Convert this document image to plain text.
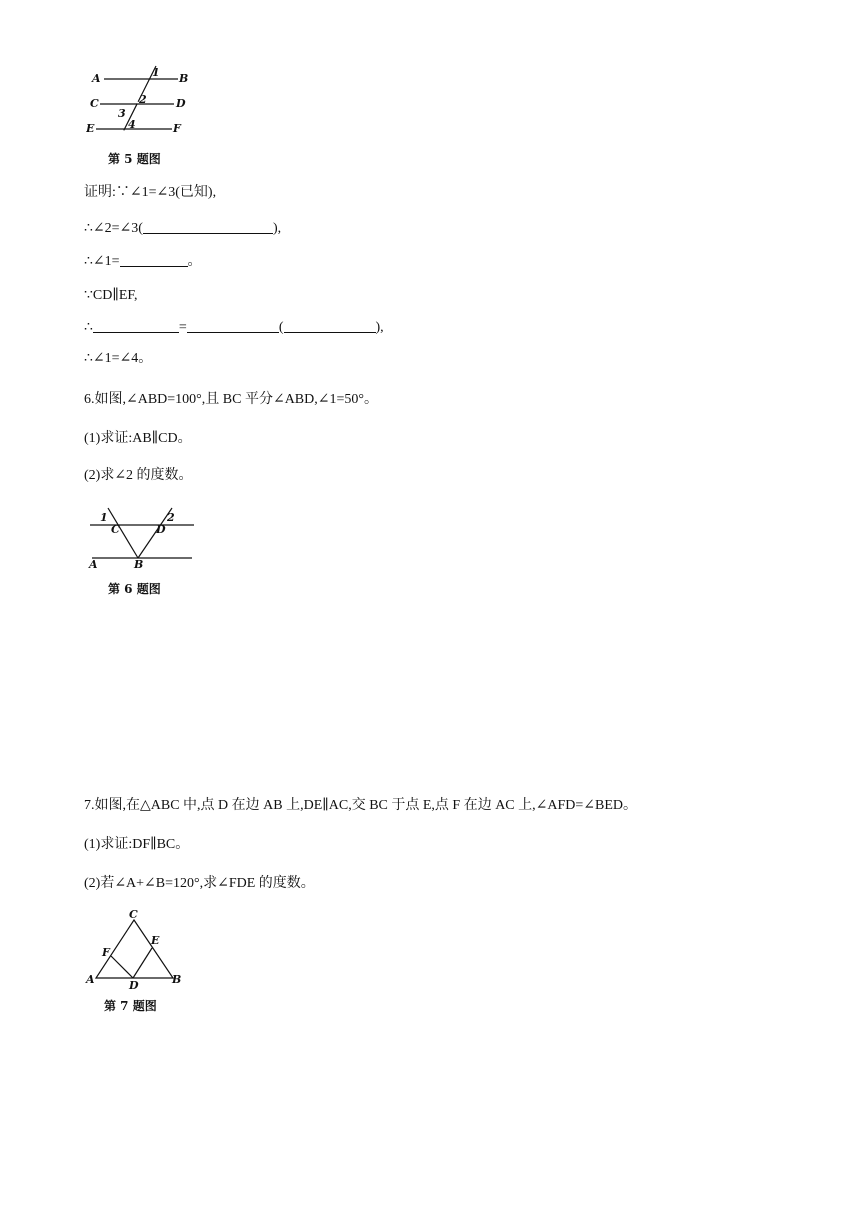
A	B
C	D
E	F
1
2
3
4
第 5 题图
证明:∵∠1=∠3(已知),
∴∠2=∠3(	),
∴∠1=	。
∵CD∥EF,
∴	=	(	),
∴∠1=∠4。
6.如图,∠ABD=100°,且 BC 平分∠ABD,∠1=50°。
(1)求证:AB∥CD。
(2)求∠2 的度数。
1	2
C	D
A	B
第 6 题图
7.如图,在△ABC 中,点 D 在边 AB 上,DE∥AC,交 BC 于点 E,点 F 在边 AC 上,∠AFD=∠BED。
(1)求证:DF∥BC。
(2)若∠A+∠B=120°,求∠FDE 的度数。
C
E
F
A	D	B
第 7 题图
